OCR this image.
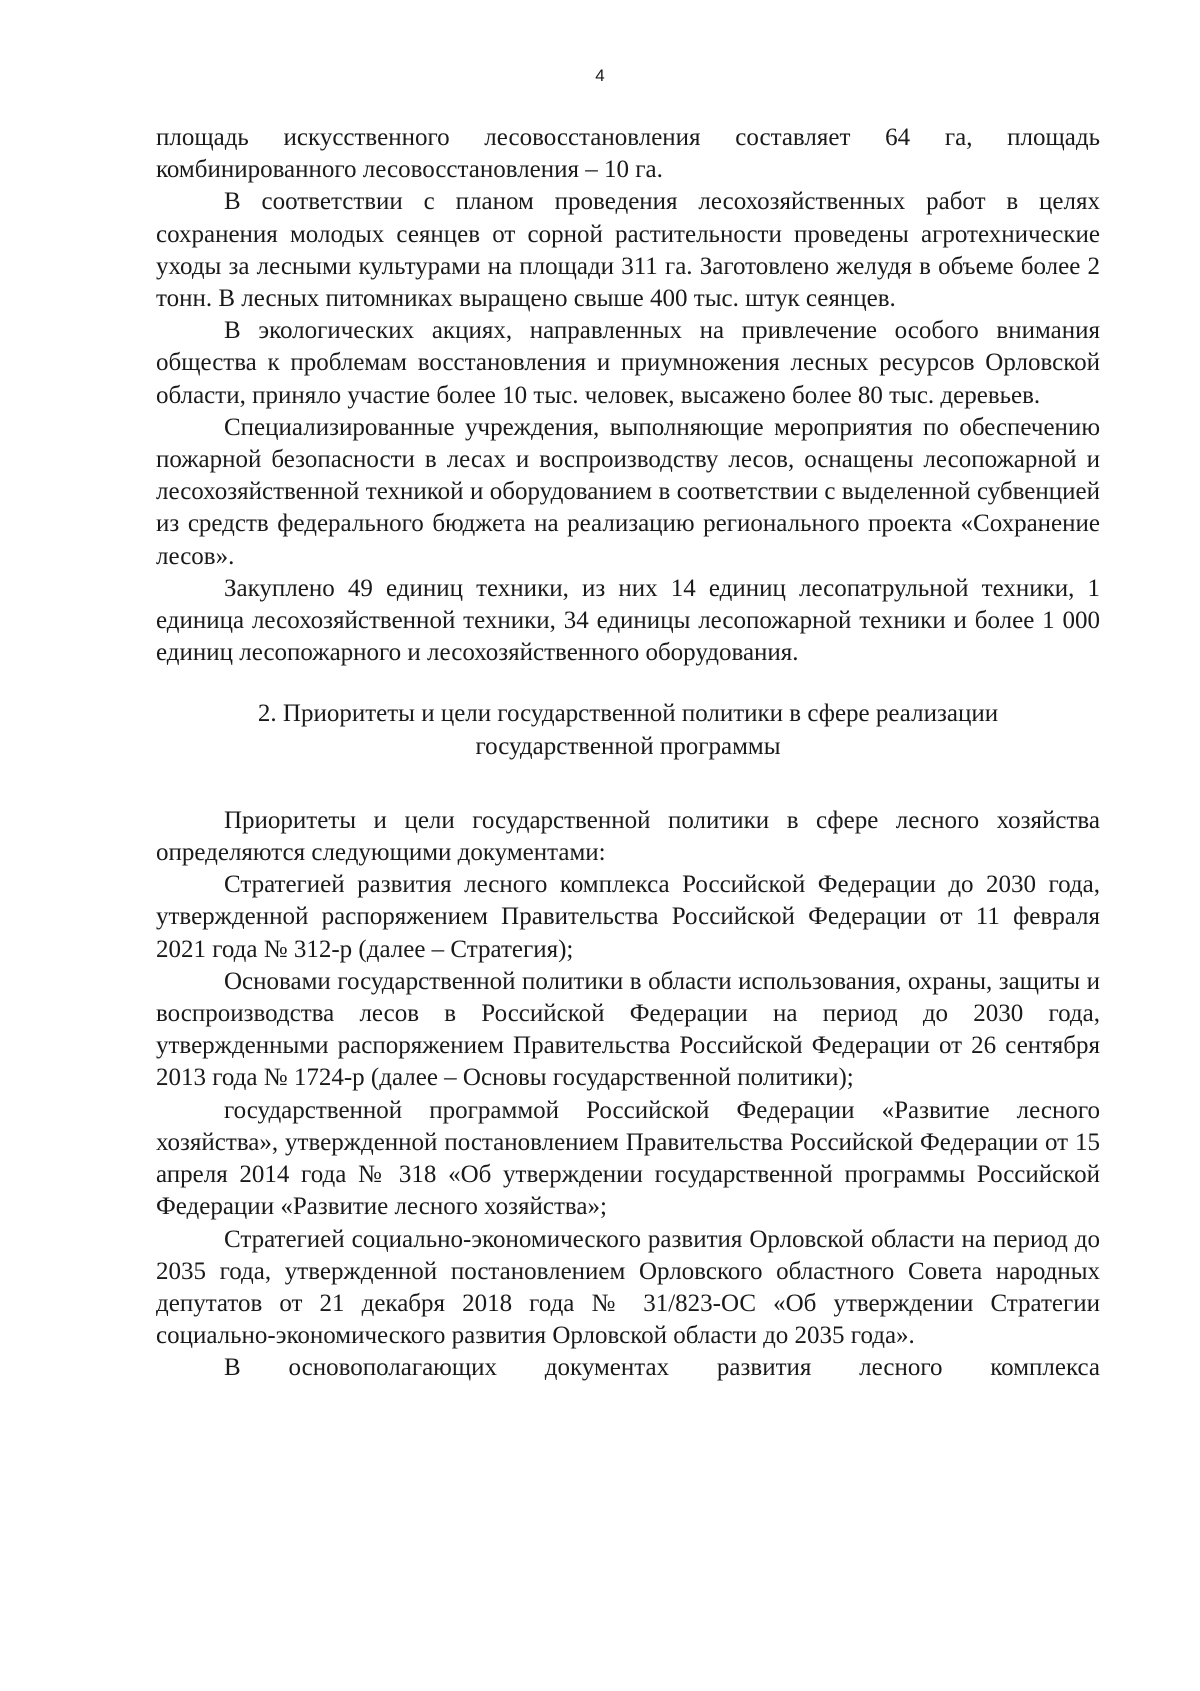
4

площадь искусственного лесовосстановления составляет 64 га, площадь комбинированного лесовосстановления – 10 га.

В соответствии с планом проведения лесохозяйственных работ в целях сохранения молодых сеянцев от сорной растительности проведены агротехнические уходы за лесными культурами на площади 311 га. Заготовлено желудя в объеме более 2 тонн. В лесных питомниках выращено свыше 400 тыс. штук сеянцев.

В экологических акциях, направленных на привлечение особого внимания общества к проблемам восстановления и приумножения лесных ресурсов Орловской области, приняло участие более 10 тыс. человек, высажено более 80 тыс. деревьев.

Специализированные учреждения, выполняющие мероприятия по обеспечению пожарной безопасности в лесах и воспроизводству лесов, оснащены лесопожарной и лесохозяйственной техникой и оборудованием в соответствии с выделенной субвенцией из средств федерального бюджета на реализацию регионального проекта «Сохранение лесов».

Закуплено 49 единиц техники, из них 14 единиц лесопатрульной техники, 1 единица лесохозяйственной техники, 34 единицы лесопожарной техники и более 1 000 единиц лесопожарного и лесохозяйственного оборудования.

2. Приоритеты и цели государственной политики в сфере реализации
государственной программы

Приоритеты и цели государственной политики в сфере лесного хозяйства определяются следующими документами:

Стратегией развития лесного комплекса Российской Федерации до 2030 года, утвержденной распоряжением Правительства Российской Федерации от 11 февраля 2021 года № 312-р (далее – Стратегия);

Основами государственной политики в области использования, охраны, защиты и воспроизводства лесов в Российской Федерации на период до 2030 года, утвержденными распоряжением Правительства Российской Федерации от 26 сентября 2013 года № 1724-р (далее – Основы государственной политики);

государственной программой Российской Федерации «Развитие лесного хозяйства», утвержденной постановлением Правительства Российской Федерации от 15 апреля 2014 года № 318 «Об утверждении государственной программы Российской Федерации «Развитие лесного хозяйства»;

Стратегией социально-экономического развития Орловской области на период до 2035 года, утвержденной постановлением Орловского областного Совета народных депутатов от 21 декабря 2018 года № 31/823-ОС «Об утверждении Стратегии социально-экономического развития Орловской области до 2035 года».

В основополагающих документах развития лесного комплекса
